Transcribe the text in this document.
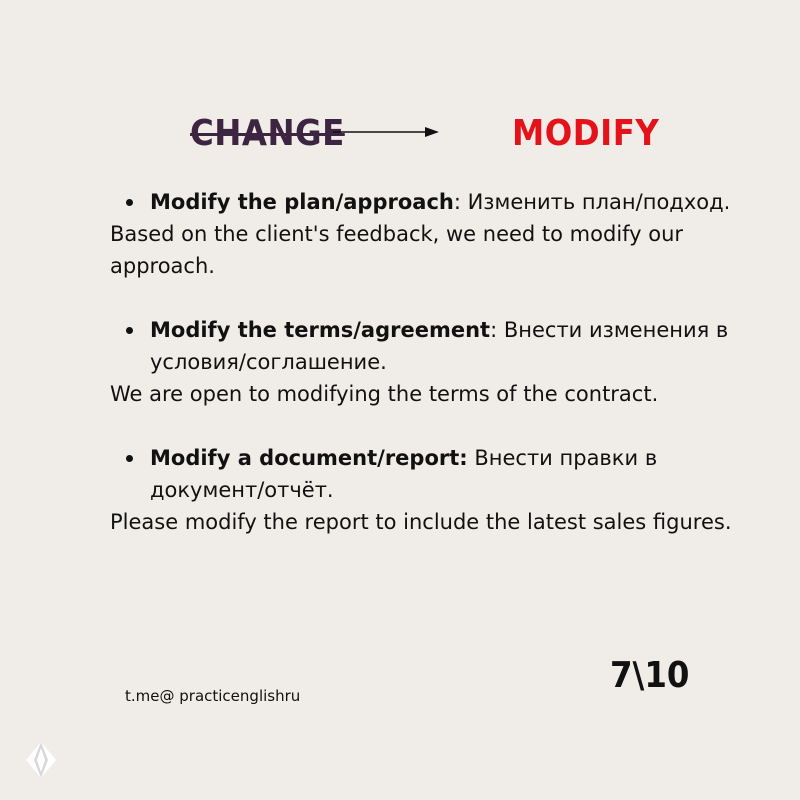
CHANGE	MODIFY
Modify the plan/approach: Изменить план/подход.

Based on the client's feedback, we need to modify our approach.

Modify the terms/agreement: Внести изменения в условия/соглашение.

We are open to modifying the terms of the contract.

Modify a document/report: Внести правки в документ/отчёт.

Please modify the report to include the latest sales figures.

7\10
t.me@ practicenglishru
